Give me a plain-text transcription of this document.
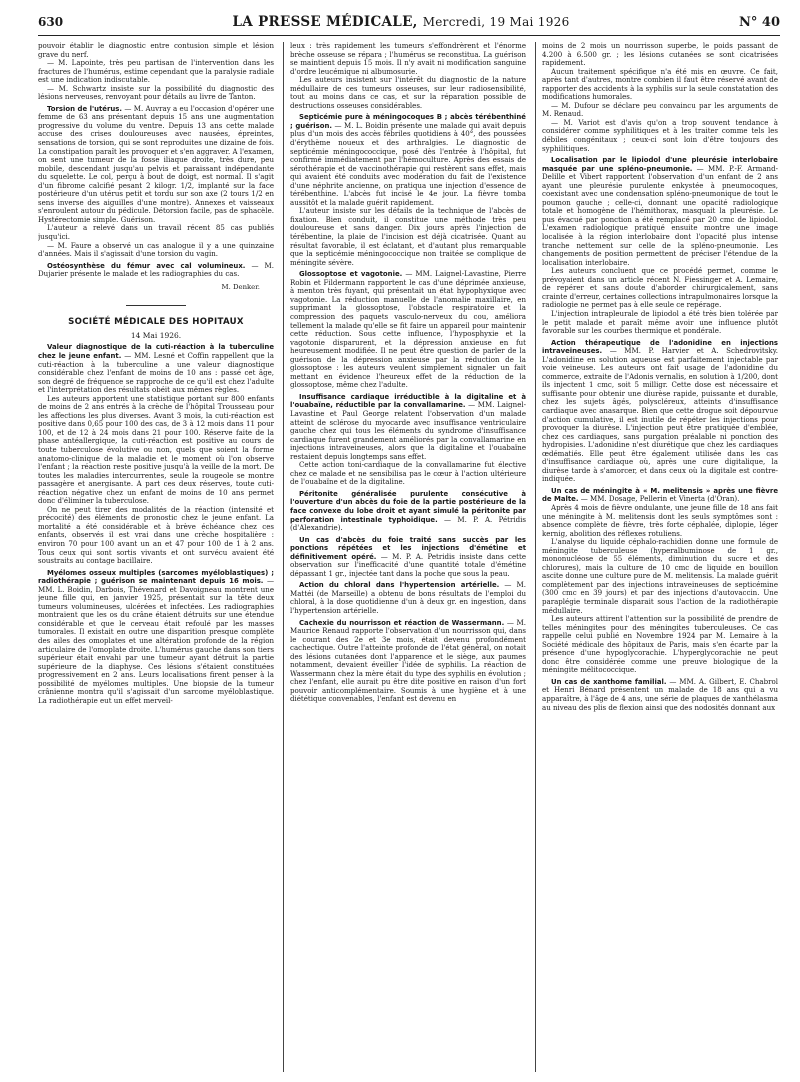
630	LA PRESSE MÉDICALE, Mercredi, 19 Mai 1926	N° 40

pouvoir établir le diagnostic entre contusion simple et lésion grave du nerf.

— M. Lapointe, très peu partisan de l'intervention dans les fractures de l'humérus, estime cependant que la paralysie radiale est une indication indiscutable.

— M. Schwartz insiste sur la possibilité du diagnostic des lésions nerveuses, renvoyant pour détails au livre de Tanton.

Torsion de l'utérus. — M. Auvray a eu l'occasion d'opérer une femme de 63 ans présentant depuis 15 ans une augmentation progressive du volume du ventre. Depuis 13 ans cette malade accuse des crises douloureuses avec nausées, épreintes, sensations de torsion, qui se sont reproduites une dizaine de fois. La constipation paraît les provoquer et s'en aggraver. A l'examen, on sent une tumeur de la fosse iliaque droite, très dure, peu mobile, descendant jusqu'au pelvis et paraissant indépendante du squelette. Le col, perçu à bout de doigt, est normal. Il s'agit d'un fibrome calcifié pesant 2 kilogr. 1/2, implanté sur la face postérieure d'un utérus petit et tordu sur son axe (2 tours 1/2 en sens inverse des aiguilles d'une montre). Annexes et vaisseaux s'enroulent autour du pédicule. Détorsion facile, pas de sphacèle. Hystérectomie simple. Guérison.

L'auteur a relevé dans un travail récent 85 cas publiés jusqu'ici.

— M. Faure a observé un cas analogue il y a une quinzaine d'années. Mais il s'agissait d'une torsion du vagin.

Ostéosynthèse du fémur avec cal volumineux. — M. Dujarier présente le malade et les radiographies du cas.

M. Denker.
SOCIÉTÉ MÉDICALE DES HOPITAUX
14 Mai 1926.

Valeur diagnostique de la cuti-réaction à la tuberculine chez le jeune enfant. — MM. Lesné et Coffin rappellent que la cuti-réaction à la tuberculine a une valeur diagnostique considérable chez l'enfant de moins de 10 ans : passé cet âge, son degré de fréquence se rapproche de ce qu'il est chez l'adulte et l'interprétation des résultats obéit aux mêmes règles.

Les auteurs apportent une statistique portant sur 800 enfants de moins de 2 ans entrés à la crèche de l'hôpital Trousseau pour les affections les plus diverses. Avant 3 mois, la cuti-réaction est positive dans 0,65 pour 100 des cas, de 3 à 12 mois dans 11 pour 100, et de 12 à 24 mois dans 21 pour 100. Réserve faite de la phase antéallergique, la cuti-réaction est positive au cours de toute tuberculose évolutive ou non, quels que soient la forme anatomo-clinique de la maladie et le moment où l'on observe l'enfant ; la réaction reste positive jusqu'à la veille de la mort. De toutes les maladies intercurrentes, seule la rougeole se montre passagère et anergisante. A part ces deux réserves, toute cuti-réaction négative chez un enfant de moins de 10 ans permet donc d'éliminer la tuberculose.

On ne peut tirer des modalités de la réaction (intensité et précocité) des éléments de pronostic chez le jeune enfant. La mortalité a été considérable et à brève échéance chez ces enfants, observés il est vrai dans une crèche hospitalière : environ 70 pour 100 avant un an et 47 pour 100 de 1 à 2 ans. Tous ceux qui sont sortis vivants et ont survécu avaient été soustraits au contage bacillaire.

Myélomes osseux multiples (sarcomes myéloblastiques) ; radiothérapie ; guérison se maintenant depuis 16 mois. — MM. L. Boidin, Darbois, Thévenard et Davoigneau montrent une jeune fille qui, en janvier 1925, présentait sur la tête deux tumeurs volumineuses, ulcérées et infectées. Les radiographies montraient que les os du crâne étaient détruits sur une étendue considérable et que le cerveau était refoulé par les masses tumorales. Il existait en outre une disparition presque complète des ailes des omoplates et une altération profonde de la région articulaire de l'omoplate droite. L'humérus gauche dans son tiers supérieur était envahi par une tumeur ayant détruit la partie supérieure de la diaphyse. Ces lésions s'étaient constituées progressivement en 2 ans. Leurs localisations firent penser à la possibilité de myélomes multiples. Une biopsie de la tumeur crânienne montra qu'il s'agissait d'un sarcome myéloblastique. La radiothérapie eut un effet merveil-

leux : très rapidement les tumeurs s'effondrèrent et l'énorme brèche osseuse se répara ; l'humérus se reconstitua. La guérison se maintient depuis 15 mois. Il n'y avait ni modification sanguine d'ordre leucémique ni albumosurie.

Les auteurs insistent sur l'intérêt du diagnostic de la nature médullaire de ces tumeurs osseuses, sur leur radiosensibilité, tout au moins dans ce cas, et sur la réparation possible de destructions osseuses considérables.

Septicémie pure à méningocoques B ; abcès térébenthiné ; guérison. — M. L. Boidin présente une malade qui avait depuis plus d'un mois des accès fébriles quotidiens à 40°, des poussées d'érythème noueux et des arthralgies. Le diagnostic de septicémie méningococcique, posé dès l'entrée à l'hôpital, fut confirmé immédiatement par l'hémoculture. Après des essais de sérothérapie et de vaccinothérapie qui restèrent sans effet, mais qui avaient été conduits avec modération du fait de l'existence d'une néphrite ancienne, on pratiqua une injection d'essence de térébenthine. L'abcès fut incisé le 4e jour. La fièvre tomba aussitôt et la malade guérit rapidement.

L'auteur insiste sur les détails de la technique de l'abcès de fixation. Bien conduit, il constitue une méthode très peu douloureuse et sans danger. Dix jours après l'injection de térébentine, la plaie de l'incision est déjà cicatrisée. Quant au résultat favorable, il est éclatant, et d'autant plus remarquable que la septicémie méningococcique non traitée se complique de méningite sévère.

Glossoptose et vagotonie. — MM. Laignel-Lavastine, Pierre Robin et Fildermann rapportent le cas d'une déprimée anxieuse, à menton très fuyant, qui présentait un état hypophyxique avec vagotonie. La réduction manuelle de l'anomalie maxillaire, en supprimant la glossoptose, l'obstacle respiratoire et la compression des paquets vasculo-nerveux du cou, améliora tellement la malade qu'elle se fit faire un appareil pour maintenir cette réduction. Sous cette influence, l'hyposphyxie et la vagotonie disparurent, et la dépression anxieuse en fut heureusement modifiée. Il ne peut être question de parler de la guérison de la dépression anxieuse par la réduction de la glossoptose : les auteurs veulent simplement signaler un fait mettant en évidence l'heureux effet de la réduction de la glossoptose, même chez l'adulte.

Insuffisance cardiaque irréductible à la digitaline et à l'ouabaïne, réductible par la convallamarine. — MM. Laignel-Lavastine et Paul George relatent l'observation d'un malade atteint de sclérose du myocarde avec insuffisance ventriculaire gauche chez qui tous les éléments du syndrome d'insuffisance cardiaque furent grandement améliorés par la convallamarine en injections intraveineuses, alors que la digitaline et l'ouabaïne restaient depuis longtemps sans effet.

Cette action toni-cardiaque de la convallamarine fut élective chez ce malade et ne sensibilisa pas le cœur à l'action ultérieure de l'ouabaïne et de la digitaline.

Péritonite généralisée purulente consécutive à l'ouverture d'un abcès du foie de la partie postérieure de la face convexe du lobe droit et ayant simulé la péritonite par perforation intestinale typhoïdique. — M. P. A. Pétridis (d'Alexandrie).

Un cas d'abcès du foie traité sans succès par les ponctions répétées et les injections d'émétine et définitivement opéré. — M. P. A. Petridis insiste dans cette observation sur l'inefficacité d'une quantité totale d'émétine dépassant 1 gr., injectée tant dans la poche que sous la peau.

Action du chloral dans l'hypertension artérielle. — M. Mattéi (de Marseille) a obtenu de bons résultats de l'emploi du chloral, à la dose quotidienne d'un à deux gr. en ingestion, dans l'hypertension artérielle.

Cachexie du nourrisson et réaction de Wassermann. — M. Maurice Renaud rapporte l'observation d'un nourrisson qui, dans le courant des 2e et 3e mois, était devenu profondément cachectique. Outre l'atteinte profonde de l'état général, on notait des lésions cutanées dont l'apparence et le siège, aux paumes notamment, devaient éveiller l'idée de syphilis. La réaction de Wassermann chez la mère était du type des syphilis en évolution ; chez l'enfant, elle aurait pu être dite positive en raison d'un fort pouvoir anticomplémentaire. Soumis à une hygiène et à une diététique convenables, l'enfant est devenu en

moins de 2 mois un nourrisson superbe, le poids passant de 4.200 à 6.500 gr. ; les lésions cutanées se sont cicatrisées rapidement.

Aucun traitement spécifique n'a été mis en œuvre. Ce fait, après tant d'autres, montre combien il faut être réservé avant de rapporter des accidents à la syphilis sur la seule constatation des modifications humorales.

— M. Dufour se déclare peu convaincu par les arguments de M. Renaud.

— M. Variot est d'avis qu'on a trop souvent tendance à considérer comme syphilitiques et à les traiter comme tels les débiles congénitaux ; ceux-ci sont loin d'être toujours des syphilitiques.

Localisation par le lipiodol d'une pleurésie interlobaire masquée par une spléno-pneumonie. — MM. P.-F. Armand-Delille et Vibert rapportent l'observation d'un enfant de 2 ans ayant une pleurésie purulente enkystée à pneumocoques, coexistant avec une condensation spléno-pneumonique de tout le poumon gauche ; celle-ci, donnant une opacité radiologique totale et homogène de l'hémithorax, masquait la pleurésie. Le pus évacué par ponction a été remplacé par 20 cmc de lipiodol. L'examen radiologique pratiqué ensuite montre une image localisée à la région interlobaire dont l'opacité plus intense tranche nettement sur celle de la spléno-pneumonie. Les changements de position permettent de préciser l'étendue de la localisation interlobaire.

Les auteurs concluent que ce procédé permet, comme le prévoyaient dans un article récent N. Fiessinger et A. Lemaire, de repérer et sans doute d'aborder chirurgicalement, sans crainte d'erreur, certaines collections intrapulmonaires lorsque la radiologie ne permet pas à elle seule ce repérage.

L'injection intrapleurale de lipiodol a été très bien tolérée par le petit malade et paraît même avoir une influence plutôt favorable sur les courbes thermique et pondérale.

Action thérapeutique de l'adonidine en injections intraveineuses. — MM. P. Harvier et A. Schedrovitsky. L'adonidine en solution aqueuse est parfaitement injectable par voie veineuse. Les auteurs ont fait usage de l'adonidine du commerce, extraite de l'Adonis vernalis, en solution à 1/200, dont ils injectent 1 cmc, soit 5 milligr. Cette dose est nécessaire et suffisante pour obtenir une diurèse rapide, puissante et durable, chez les sujets âgés, polyscléreux, atteints d'insuffisance cardiaque avec anasarque. Bien que cette drogue soit dépourvue d'action cumulative, il est inutile de répéter les injections pour provoquer la diurèse. L'injection peut être pratiquée d'emblée, chez ces cardiaques, sans purgation préalable ni ponction des hydropisies. L'adonidine n'est diurétique que chez les cardiaques œdématiés. Elle peut être également utilisée dans les cas d'insuffisance cardiaque où, après une cure digitalique, la diurèse tarde à s'amorcer, et dans ceux où la digitale est contre-indiquée.

Un cas de méningite à « M. melitensis » après une fièvre de Malte. — MM. Dosage, Pellerin et Vinerta (d'Oran).

Après 4 mois de fièvre ondulante, une jeune fille de 18 ans fait une méningite à M. melitensis dont les seuls symptômes sont : absence complète de fièvre, très forte céphalée, diplopie, léger kernig, abolition des réflexes rotuliens.

L'analyse du liquide céphalo-rachidien donne une formule de méningite tuberculeuse (hyperalbuminose de 1 gr., mononucléose de 55 éléments, diminution du sucre et des chlorures), mais la culture de 10 cmc de liquide en bouillon ascite donne une culture pure de M. melitensis. La malade guérit complètement par des injections intraveineuses de septicémine (300 cmc en 39 jours) et par des injections d'autovaccin. Une paraplégie terminale disparait sous l'action de la radiothérapie médullaire.

Les auteurs attirent l'attention sur la possibilité de prendre de telles méningites pour des méningites tuberculeuses. Ce cas rappelle celui publié en Novembre 1924 par M. Lemaire à la Société médicale des hôpitaux de Paris, mais s'en écarte par la présence d'une hypoglycorachie. L'hyperglycorachie ne peut donc être considérée comme une preuve biologique de la méningite mélitococcique.

Un cas de xanthome familial. — MM. A. Gilbert, E. Chabrol et Henri Bénard présentent un malade de 18 ans qui a vu apparaître, à l'âge de 4 ans, une série de plaques de xanthélasma au niveau des plis de flexion ainsi que des nodosités donnant aux
